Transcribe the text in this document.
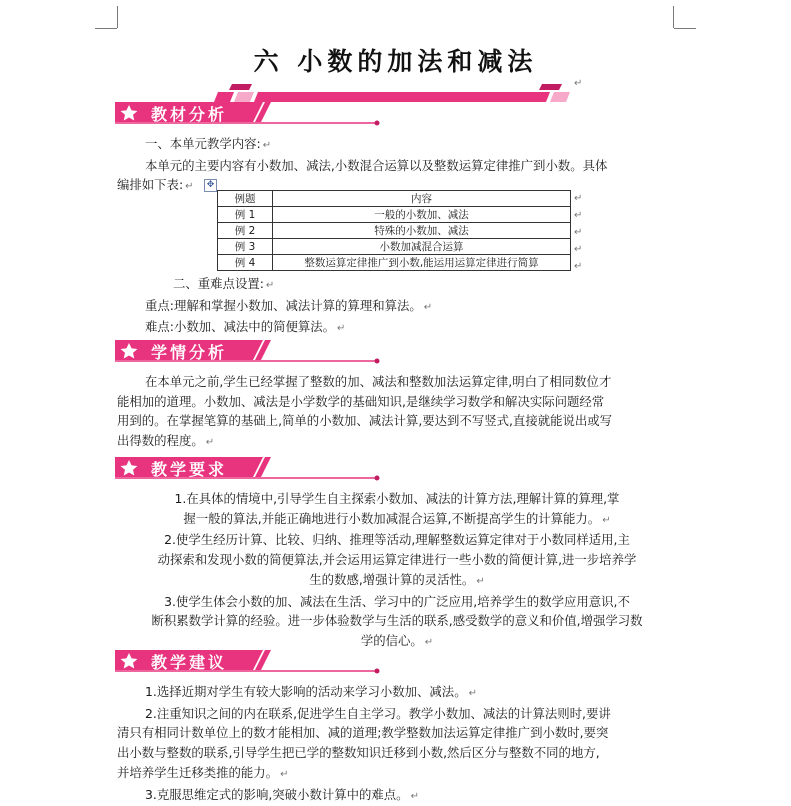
六 小数的加法和减法
↵
教材分析

一、本单元教学内容: ↵

本单元的主要内容有小数加、减法,小数混合运算以及整数运算定律推广到小数。具体

编排如下表: ↵	✥
例题	内容
例 1	一般的小数加、减法
例 2	特殊的小数加、减法
例 3	小数加减混合运算
例 4	整数运算定律推广到小数,能运用运算定律进行简算
↵
↵
↵
↵
↵

二、重难点设置: ↵

重点:理解和掌握小数加、减法计算的算理和算法。 ↵

难点:小数加、减法中的简便算法。 ↵

学情分析

在本单元之前,学生已经掌握了整数的加、减法和整数加法运算定律,明白了相同数位才

能相加的道理。小数加、减法是小学数学的基础知识,是继续学习数学和解决实际问题经常

用到的。在掌握笔算的基础上,简单的小数加、减法计算,要达到不写竖式,直接就能说出或写

出得数的程度。 ↵

教学要求

1.在具体的情境中,引导学生自主探索小数加、减法的计算方法,理解计算的算理,掌

握一般的算法,并能正确地进行小数加减混合运算,不断提高学生的计算能力。 ↵

2.使学生经历计算、比较、归纳、推理等活动,理解整数运算定律对于小数同样适用,主

动探索和发现小数的简便算法,并会运用运算定律进行一些小数的简便计算,进一步培养学

生的数感,增强计算的灵活性。 ↵

3.使学生体会小数的加、减法在生活、学习中的广泛应用,培养学生的数学应用意识,不

断积累数学计算的经验。进一步体验数学与生活的联系,感受数学的意义和价值,增强学习数

学的信心。 ↵

教学建议

1.选择近期对学生有较大影响的活动来学习小数加、减法。 ↵

2.注重知识之间的内在联系,促进学生自主学习。教学小数加、减法的计算法则时,要讲

清只有相同计数单位上的数才能相加、减的道理;教学整数加法运算定律推广到小数时,要突

出小数与整数的联系,引导学生把已学的整数知识迁移到小数,然后区分与整数不同的地方,

并培养学生迁移类推的能力。 ↵

3.克服思维定式的影响,突破小数计算中的难点。 ↵
